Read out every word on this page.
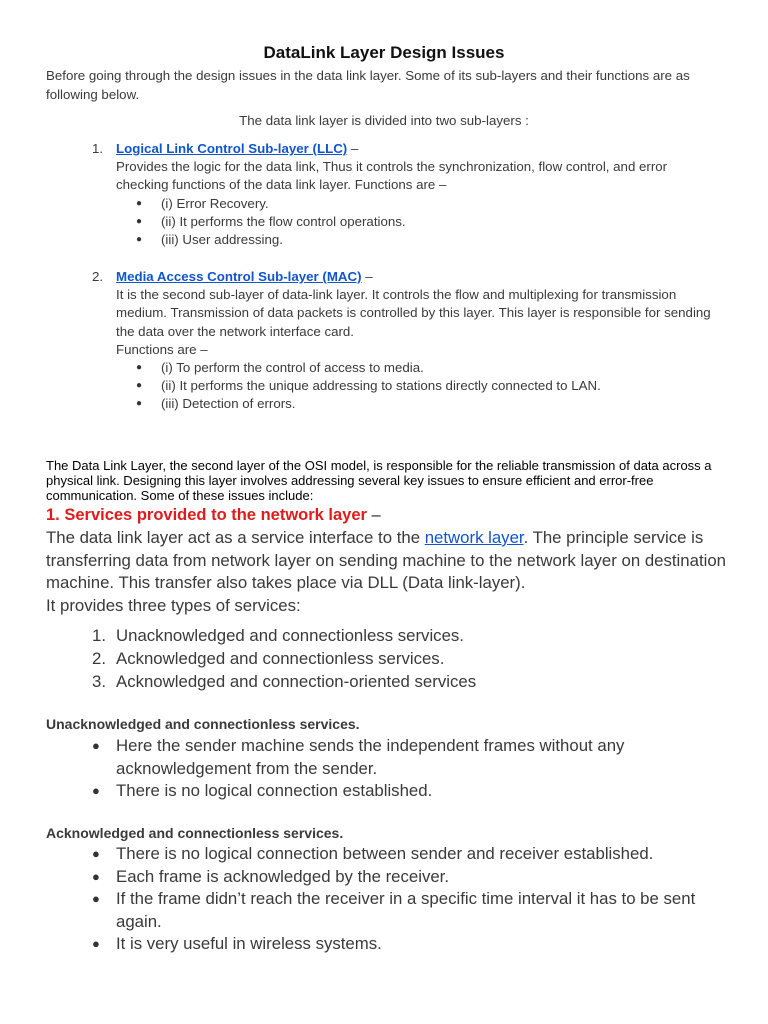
DataLink Layer Design Issues
Before going through the design issues in the data link layer. Some of its sub-layers and their functions are as following below.
The data link layer is divided into two sub-layers :
1. Logical Link Control Sub-layer (LLC) –
Provides the logic for the data link, Thus it controls the synchronization, flow control, and error checking functions of the data link layer. Functions are –
● (i) Error Recovery.
● (ii) It performs the flow control operations.
● (iii) User addressing.
2. Media Access Control Sub-layer (MAC) –
It is the second sub-layer of data-link layer. It controls the flow and multiplexing for transmission medium. Transmission of data packets is controlled by this layer. This layer is responsible for sending the data over the network interface card.
Functions are –
● (i) To perform the control of access to media.
● (ii) It performs the unique addressing to stations directly connected to LAN.
● (iii) Detection of errors.
The Data Link Layer, the second layer of the OSI model, is responsible for the reliable transmission of data across a physical link. Designing this layer involves addressing several key issues to ensure efficient and error-free communication. Some of these issues include:
1. Services provided to the network layer –
The data link layer act as a service interface to the network layer. The principle service is transferring data from network layer on sending machine to the network layer on destination machine. This transfer also takes place via DLL (Data link-layer).
It provides three types of services:
1. Unacknowledged and connectionless services.
2. Acknowledged and connectionless services.
3. Acknowledged and connection-oriented services
Unacknowledged and connectionless services.
● Here the sender machine sends the independent frames without any acknowledgement from the sender.
● There is no logical connection established.
Acknowledged and connectionless services.
● There is no logical connection between sender and receiver established.
● Each frame is acknowledged by the receiver.
● If the frame didn’t reach the receiver in a specific time interval it has to be sent again.
● It is very useful in wireless systems.
